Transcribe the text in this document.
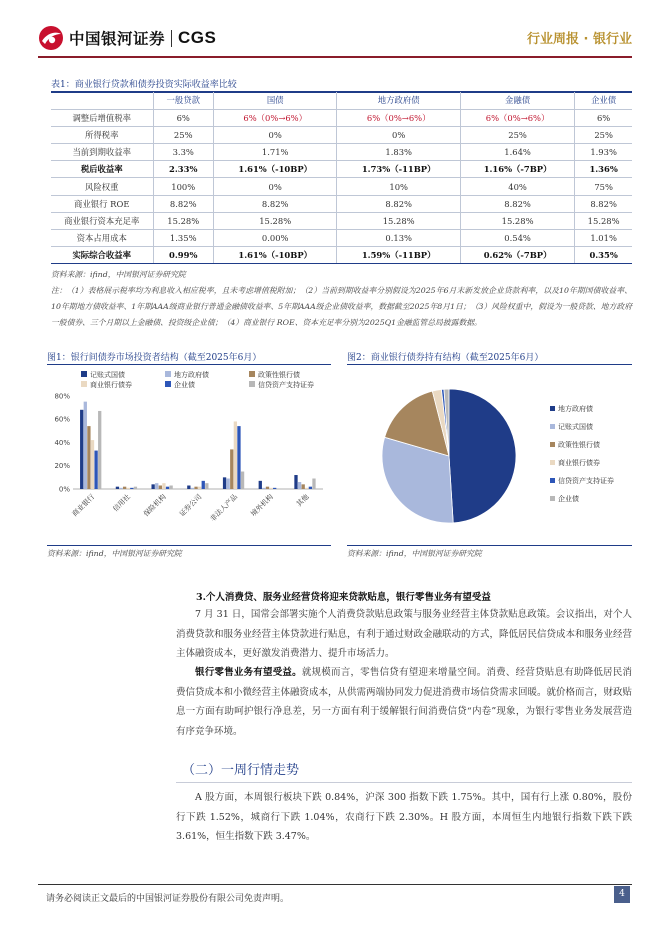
中国银河证券 CGS	行业周报 · 银行业
表1：商业银行贷款和债券投资实际收益率比较
	一般贷款	国债	地方政府债	金融债	企业债
调整后增值税率	6%	6%（0%→6%）	6%（0%→6%）	6%（0%→6%）	6%
所得税率	25%	0%	0%	25%	25%
当前到期收益率	3.3%	1.71%	1.83%	1.64%	1.93%
税后收益率	2.33%	1.61%（-10BP）	1.73%（-11BP）	1.16%（-7BP）	1.36%
风险权重	100%	0%	10%	40%	75%
商业银行 ROE	8.82%	8.82%	8.82%	8.82%	8.82%
商业银行资本充足率	15.28%	15.28%	15.28%	15.28%	15.28%
资本占用成本	1.35%	0.00%	0.13%	0.54%	1.01%
实际综合收益率	0.99%	1.61%（-10BP）	1.59%（-11BP）	0.62%（-7BP）	0.35%
资料来源：ifind，中国银河证券研究院
注：（1）表格展示税率均为利息收入相应税率，且未考虑增值税附加；（2）当前到期收益率分别假设为2025年6月末新发放企业贷款利率，以及10年期国债收益率、10年期地方债收益率、1年期AAA级商业银行普通金融债收益率、5年期AAA级企业债收益率，数据截至2025年8月1日；（3）风险权重中，假设为一般贷款、地方政府一般债券、三个月期以上金融债、投资级企业债；（4）商业银行 ROE、资本充足率分别为2025Q1金融监管总局披露数据。
图1：银行间债券市场投资者结构（截至2025年6月）
记账式国债	地方政府债	政策性银行债
商业银行债券	企业债	信贷资产支持证券
0%
20%
40%
60%
80%
商业银行 信用社 保险机构 证券公司 非法人产品 境外机构	其他
资料来源：ifind，中国银河证券研究院
图2：商业银行债券持有结构（截至2025年6月）
地方政府债
记账式国债
政策性银行债
商业银行债券
信贷资产支持证券
企业债
资料来源：ifind，中国银河证券研究院
3.个人消费贷、服务业经营贷将迎来贷款贴息，银行零售业务有望受益
7 月 31 日，国常会部署实施个人消费贷款贴息政策与服务业经营主体贷款贴息政策。会议指出，对个人消费贷款和服务业经营主体贷款进行贴息，有利于通过财政金融联动的方式，降低居民信贷成本和服务业经营主体融资成本，更好激发消费潜力、提升市场活力。
银行零售业务有望受益。就规模而言，零售信贷有望迎来增量空间。消费、经营贷贴息有助降低居民消费信贷成本和小微经营主体融资成本，从供需两端协同发力促进消费市场信贷需求回暖。就价格而言，财政贴息一方面有助呵护银行净息差，另一方面有利于缓解银行间消费信贷“内卷”现象，为银行零售业务发展营造有序竞争环境。
（二）一周行情走势
A 股方面，本周银行板块下跌 0.84%，沪深 300 指数下跌 1.75%。其中，国有行上涨 0.80%，股份行下跌 1.52%，城商行下跌 1.04%，农商行下跌 2.30%。H 股方面，本周恒生内地银行指数下跌下跌 3.61%，恒生指数下跌 3.47%。
请务必阅读正文最后的中国银河证券股份有限公司免责声明。	4
